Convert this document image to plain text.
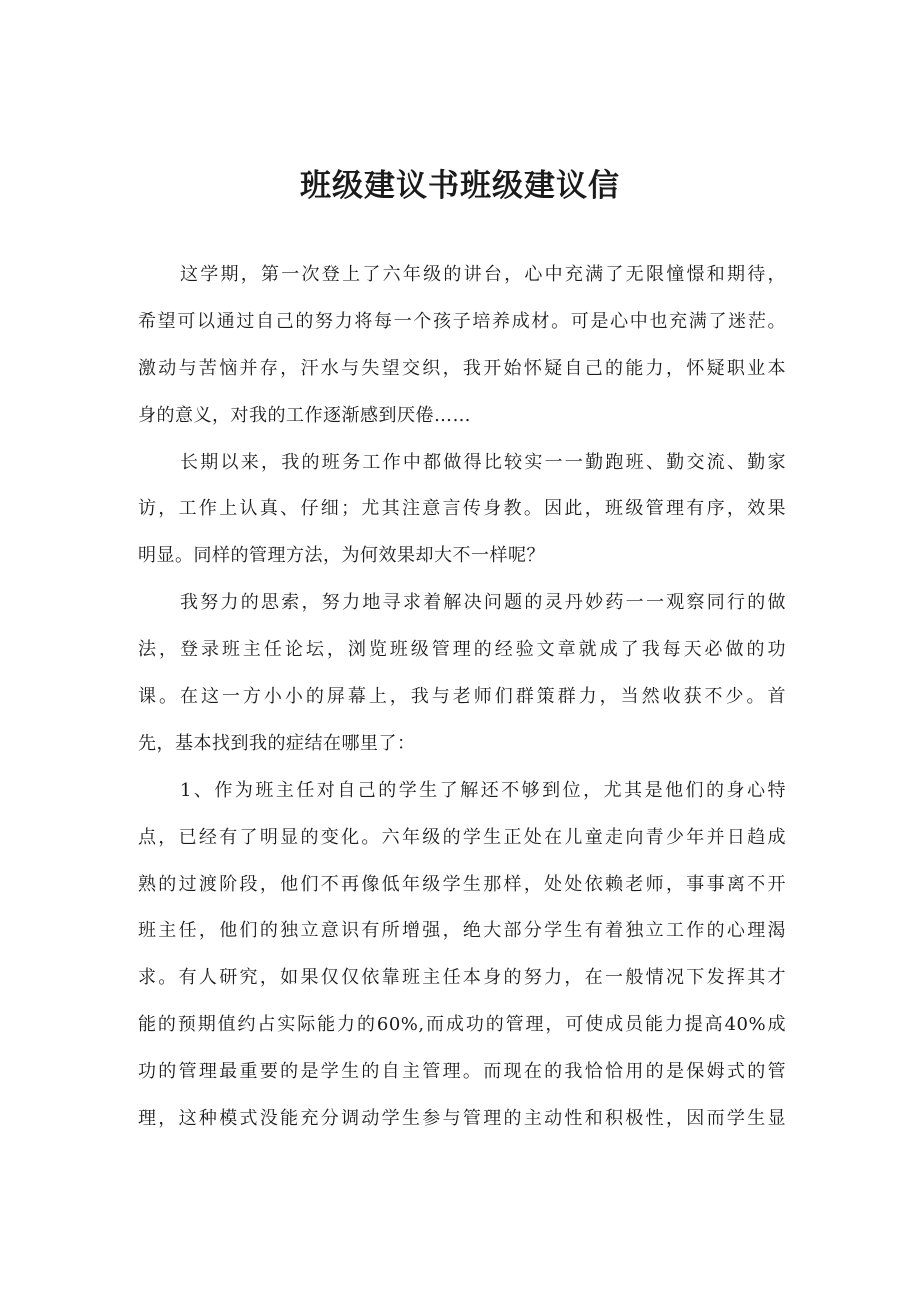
班级建议书班级建议信
这学期，第一次登上了六年级的讲台，心中充满了无限憧憬和期待，
希望可以通过自己的努力将每一个孩子培养成材。可是心中也充满了迷茫。
激动与苦恼并存，汗水与失望交织，我开始怀疑自己的能力，怀疑职业本
身的意义，对我的工作逐渐感到厌倦……
长期以来，我的班务工作中都做得比较实一一勤跑班、勤交流、勤家
访，工作上认真、仔细；尤其注意言传身教。因此，班级管理有序，效果
明显。同样的管理方法，为何效果却大不一样呢？
我努力的思索，努力地寻求着解决问题的灵丹妙药一一观察同行的做
法，登录班主任论坛，浏览班级管理的经验文章就成了我每天必做的功
课。在这一方小小的屏幕上，我与老师们群策群力，当然收获不少。首
先，基本找到我的症结在哪里了：
1、作为班主任对自己的学生了解还不够到位，尤其是他们的身心特
点，已经有了明显的变化。六年级的学生正处在儿童走向青少年并日趋成
熟的过渡阶段，他们不再像低年级学生那样，处处依赖老师，事事离不开
班主任，他们的独立意识有所增强，绝大部分学生有着独立工作的心理渴
求。有人研究，如果仅仅依靠班主任本身的努力，在一般情况下发挥其才
能的预期值约占实际能力的60%,而成功的管理，可使成员能力提高40%成
功的管理最重要的是学生的自主管理。而现在的我恰恰用的是保姆式的管
理，这种模式没能充分调动学生参与管理的主动性和积极性，因而学生显
